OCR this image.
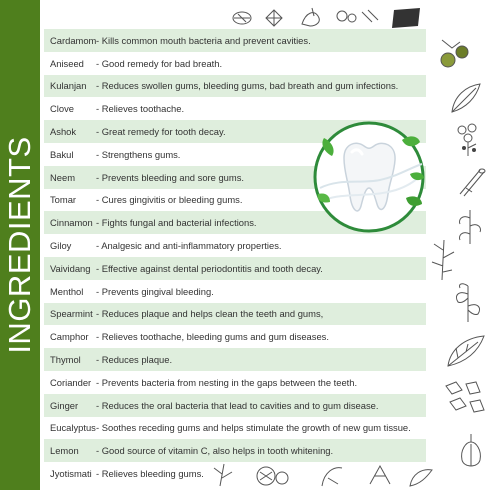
INGREDIENTS
Cardamom - Kills common mouth bacteria and prevent cavities.
Aniseed	- Good remedy for bad breath.
Kulanjan	- Reduces swollen gums, bleeding gums, bad breath and gum infections.
Clove	- Relieves toothache.
Ashok	- Great remedy for tooth decay.
Bakul	- Strengthens gums.
Neem	- Prevents bleeding and sore gums.
Tomar	- Cures gingivitis or bleeding gums.
Cinnamon - Fights fungal and bacterial infections.
Giloy	- Analgesic and anti-inflammatory properties.
Vaividang - Effective against dental periodontitis and tooth decay.
Menthol	- Prevents gingival bleeding.
Spearmint - Reduces plaque and helps clean the teeth and gums,
Camphor - Relieves toothache, bleeding gums and gum diseases.
Thymol	- Reduces plaque.
Coriander - Prevents bacteria from nesting in the gaps between the teeth.
Ginger	- Reduces the oral bacteria that lead to cavities and to gum disease.
Eucalyptus - Soothes receding gums and helps stimulate the growth of new gum tissue.
Lemon	- Good source of vitamin C, also helps in tooth whitening.
Jyotismati - Relieves bleeding gums.
